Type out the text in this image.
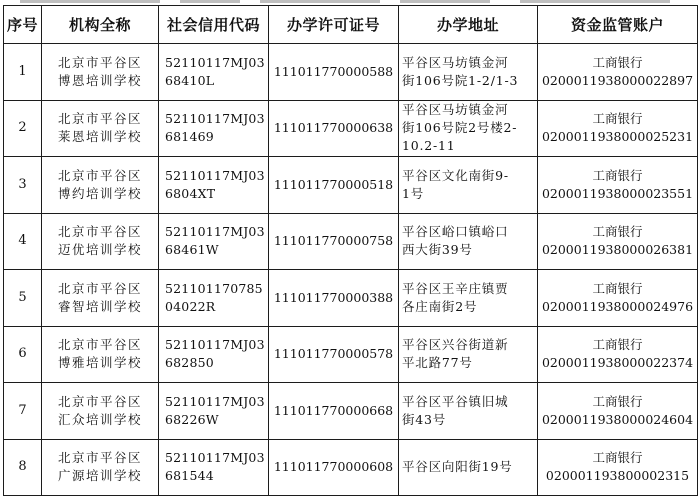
序号	机构全称	社会信用代码	办学许可证号	办学地址	资金监管账户

1	北京市平谷区
博恩培训学校	52110117MJ03
68410L	111011770000588	平谷区马坊镇金河
街106号院1-2/1-3	工商银行
0200011938000022897

2	北京市平谷区
莱恩培训学校	52110117MJ03
681469	111011770000638	平谷区马坊镇金河
街106号院2号楼2-
10.2-11	工商银行
0200011938000025231

3	北京市平谷区
博约培训学校	52110117MJ03
6804XT	111011770000518	平谷区文化南街9-
1号	工商银行
0200011938000023551

4	北京市平谷区
迈优培训学校	52110117MJ03
68461W	111011770000758	平谷区峪口镇峪口
西大街39号	工商银行
0200011938000026381

5	北京市平谷区
睿智培训学校	521101170785
04022R	111011770000388	平谷区王辛庄镇贾
各庄南街2号	工商银行
0200011938000024976

6	北京市平谷区
博雅培训学校	52110117MJ03
682850	111011770000578	平谷区兴谷街道新
平北路77号	工商银行
0200011938000022374

7	北京市平谷区
汇众培训学校	52110117MJ03
68226W	111011770000668	平谷区平谷镇旧城
街43号	工商银行
0200011938000024604

8	北京市平谷区
广源培训学校	52110117MJ03
681544	111011770000608	平谷区向阳街19号	工商银行
020001193800002315
